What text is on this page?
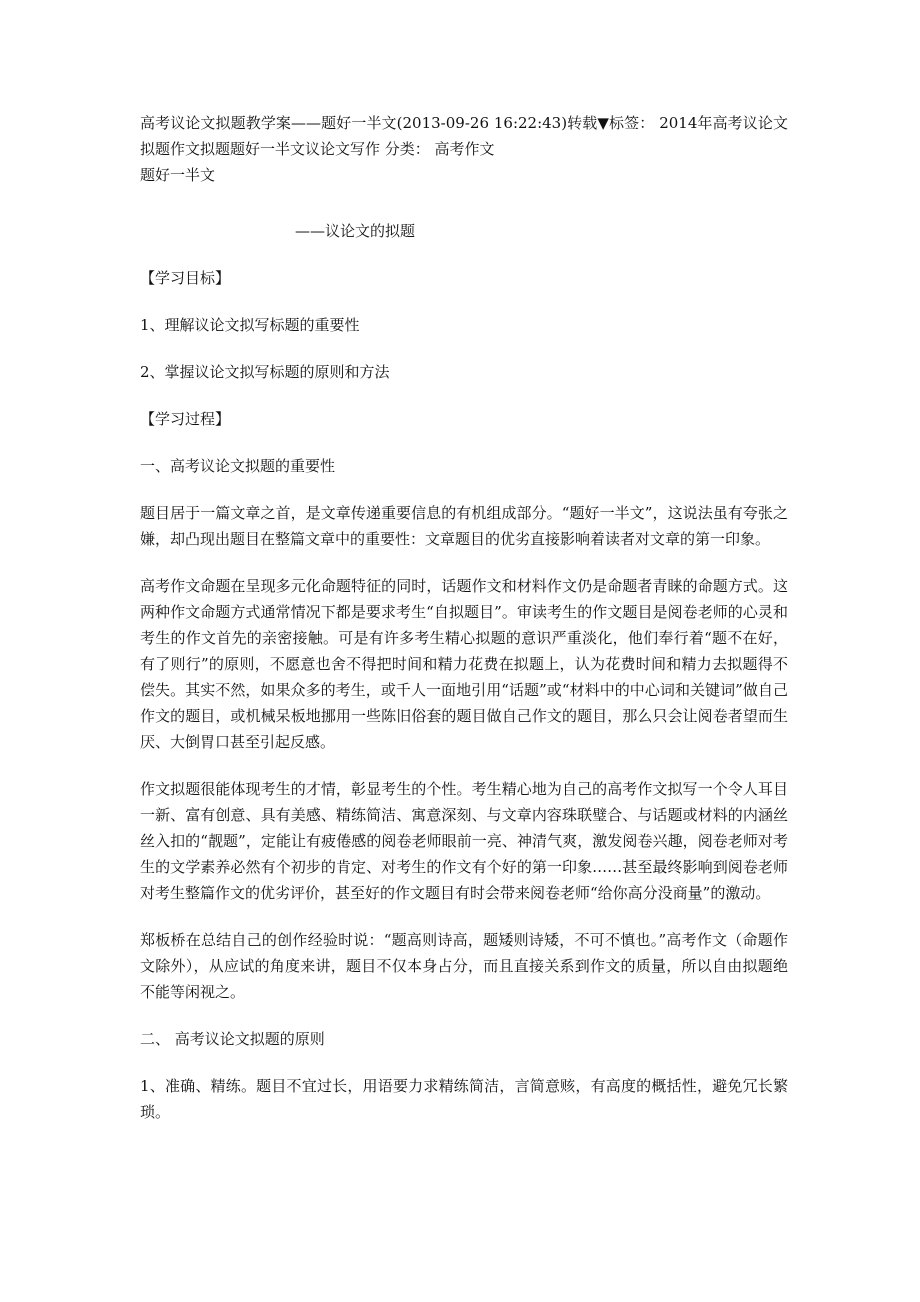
高考议论文拟题教学案——题好一半文(2013-09-26 16:22:43)转载▼标签： 2014年高考议论文拟题作文拟题题好一半文议论文写作 分类： 高考作文

题好一半文

——议论文的拟题

【学习目标】

1、理解议论文拟写标题的重要性

2、掌握议论文拟写标题的原则和方法

【学习过程】

一、高考议论文拟题的重要性

题目居于一篇文章之首，是文章传递重要信息的有机组成部分。“题好一半文”，这说法虽有夸张之嫌，却凸现出题目在整篇文章中的重要性：文章题目的优劣直接影响着读者对文章的第一印象。

高考作文命题在呈现多元化命题特征的同时，话题作文和材料作文仍是命题者青睐的命题方式。这两种作文命题方式通常情况下都是要求考生“自拟题目”。审读考生的作文题目是阅卷老师的心灵和考生的作文首先的亲密接触。可是有许多考生精心拟题的意识严重淡化，他们奉行着“题不在好，有了则行”的原则，不愿意也舍不得把时间和精力花费在拟题上，认为花费时间和精力去拟题得不偿失。其实不然，如果众多的考生，或千人一面地引用“话题”或“材料中的中心词和关键词”做自己作文的题目，或机械呆板地挪用一些陈旧俗套的题目做自己作文的题目，那么只会让阅卷者望而生厌、大倒胃口甚至引起反感。

作文拟题很能体现考生的才情，彰显考生的个性。考生精心地为自己的高考作文拟写一个令人耳目一新、富有创意、具有美感、精练简洁、寓意深刻、与文章内容珠联璧合、与话题或材料的内涵丝丝入扣的“靓题”，定能让有疲倦感的阅卷老师眼前一亮、神清气爽，激发阅卷兴趣，阅卷老师对考生的文学素养必然有个初步的肯定、对考生的作文有个好的第一印象……甚至最终影响到阅卷老师对考生整篇作文的优劣评价，甚至好的作文题目有时会带来阅卷老师“给你高分没商量”的激动。

郑板桥在总结自己的创作经验时说：“题高则诗高，题矮则诗矮，不可不慎也。”高考作文（命题作文除外），从应试的角度来讲，题目不仅本身占分，而且直接关系到作文的质量，所以自由拟题绝不能等闲视之。

二、 高考议论文拟题的原则

1、准确、精练。题目不宜过长，用语要力求精练简洁，言简意赅，有高度的概括性，避免冗长繁琐。
